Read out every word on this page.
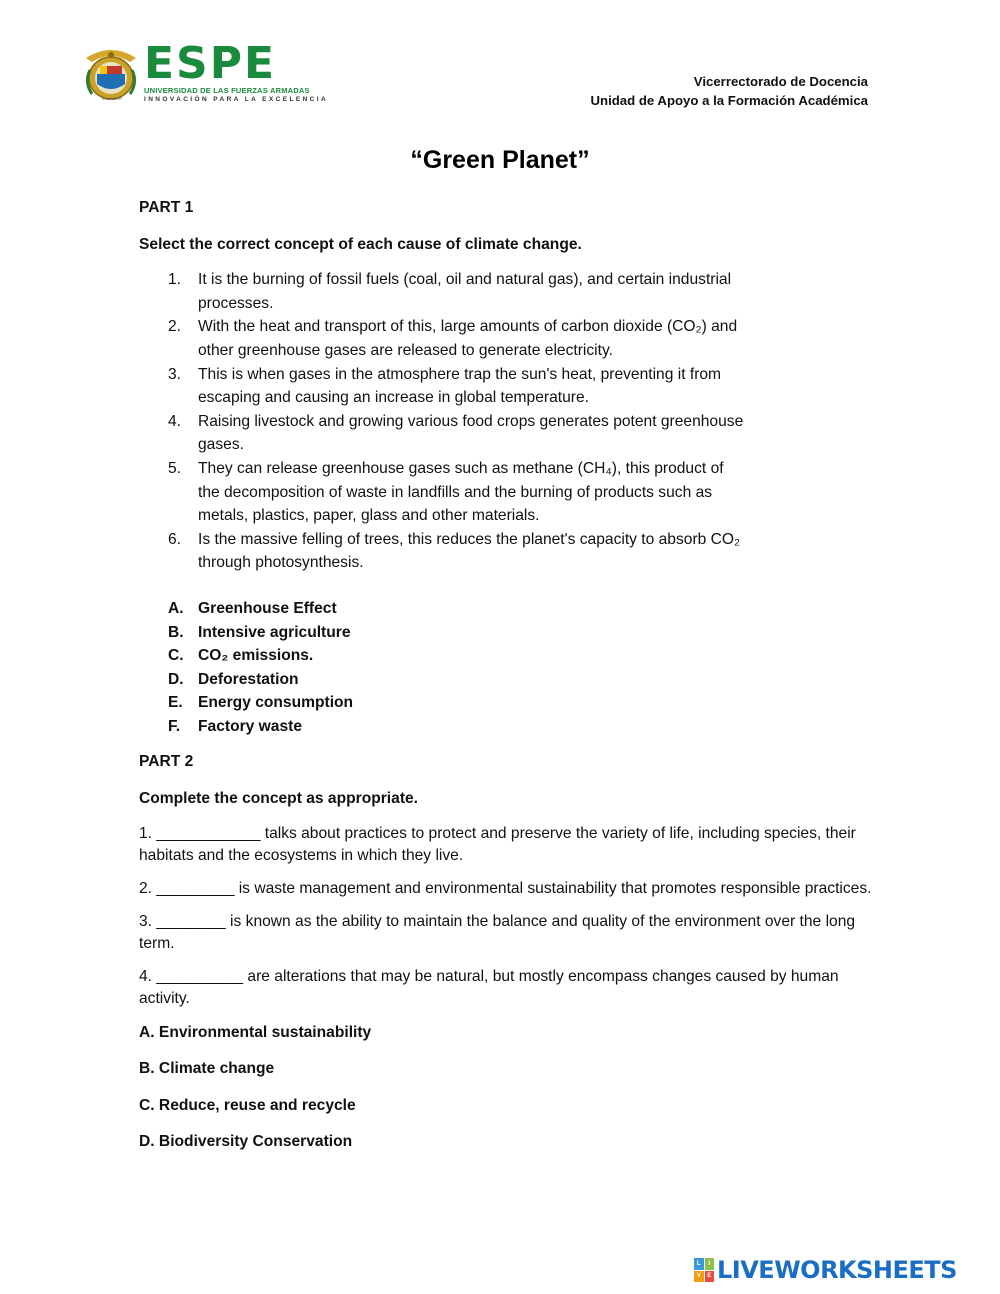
ECUADOR
ESPE
UNIVERSIDAD DE LAS FUERZAS ARMADAS
INNOVACIÓN PARA LA EXCELENCIA
Vicerrectorado de Docencia
Unidad de Apoyo a la Formación Académica
“Green Planet”
PART 1
Select the correct concept of each cause of climate change.
1. It is the burning of fossil fuels (coal, oil and natural gas), and certain industrial processes.
2. With the heat and transport of this, large amounts of carbon dioxide (CO₂) and other greenhouse gases are released to generate electricity.
3. This is when gases in the atmosphere trap the sun's heat, preventing it from escaping and causing an increase in global temperature.
4. Raising livestock and growing various food crops generates potent greenhouse gases.
5. They can release greenhouse gases such as methane (CH₄), this product of the decomposition of waste in landfills and the burning of products such as metals, plastics, paper, glass and other materials.
6. Is the massive felling of trees, this reduces the planet's capacity to absorb CO₂ through photosynthesis.
A. Greenhouse Effect
B. Intensive agriculture
C. CO₂ emissions.
D. Deforestation
E. Energy consumption
F. Factory waste
PART 2
Complete the concept as appropriate.
1. ____________ talks about practices to protect and preserve the variety of life, including species, their habitats and the ecosystems in which they live.
2. _________ is waste management and environmental sustainability that promotes responsible practices.
3. ________ is known as the ability to maintain the balance and quality of the environment over the long term.
4. __________ are alterations that may be natural, but mostly encompass changes caused by human activity.
A. Environmental sustainability
B. Climate change
C. Reduce, reuse and recycle
D. Biodiversity Conservation
L	I
V	E LIVEWORKSHEETS
